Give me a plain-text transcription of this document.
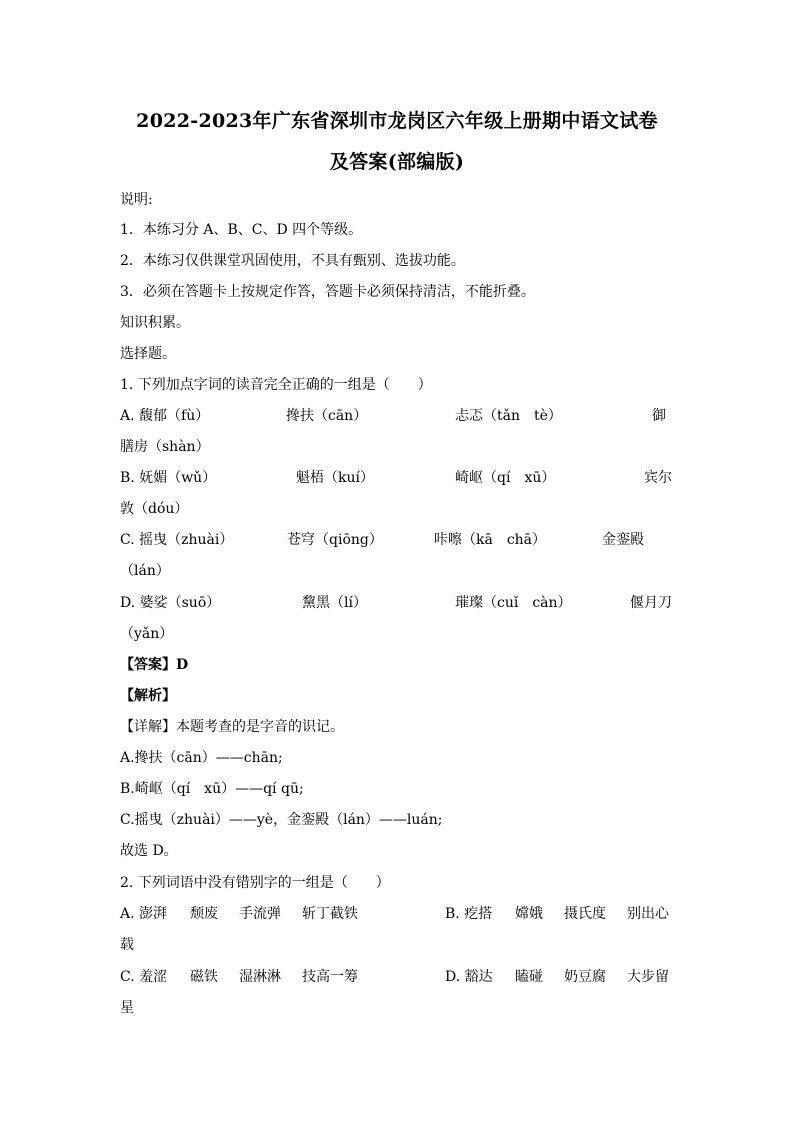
2022-2023年广东省深圳市龙岗区六年级上册期中语文试卷
及答案(部编版)
说明:
1．本练习分 A、B、C、D 四个等级。
2．本练习仅供课堂巩固使用，不具有甄别、选拔功能。
3．必须在答题卡上按规定作答，答题卡必须保持清洁，不能折叠。
知识积累。
选择题。
1. 下列加点字词的读音完全正确的一组是（　　）
A. 馥郁（fù）	搀扶（cān）	忐忑（tǎn　tè）	御
膳房（shàn）
B. 妩媚（wǔ）	魁梧（kuí）	崎岖（qí　xū）	宾尔
敦（dóu）
C. 摇曳（zhuài）	苍穹（qiōng）	咔嚓（kā　chā）	金銮殿
（lán）
D. 婆娑（suō）	黧黑（lí）	璀璨（cuǐ　càn）	偃月刀
（yǎn）
【答案】D
【解析】
【详解】本题考查的是字音的识记。
A.搀扶（cān）——chān;
B.崎岖（qí　xū）——qí qū;
C.摇曳（zhuài）——yè，金銮殿（lán）——luán;
故选 D。
2. 下列词语中没有错别字的一组是（　　）
A. 澎湃 颓废 手流弹 斩丁截铁	B. 疙搭 嫦娥 摄氏度 别出心
载
C. 羞涩 磁铁 湿淋淋 技高一筹	D. 豁达 瞌碰 奶豆腐 大步留
星
